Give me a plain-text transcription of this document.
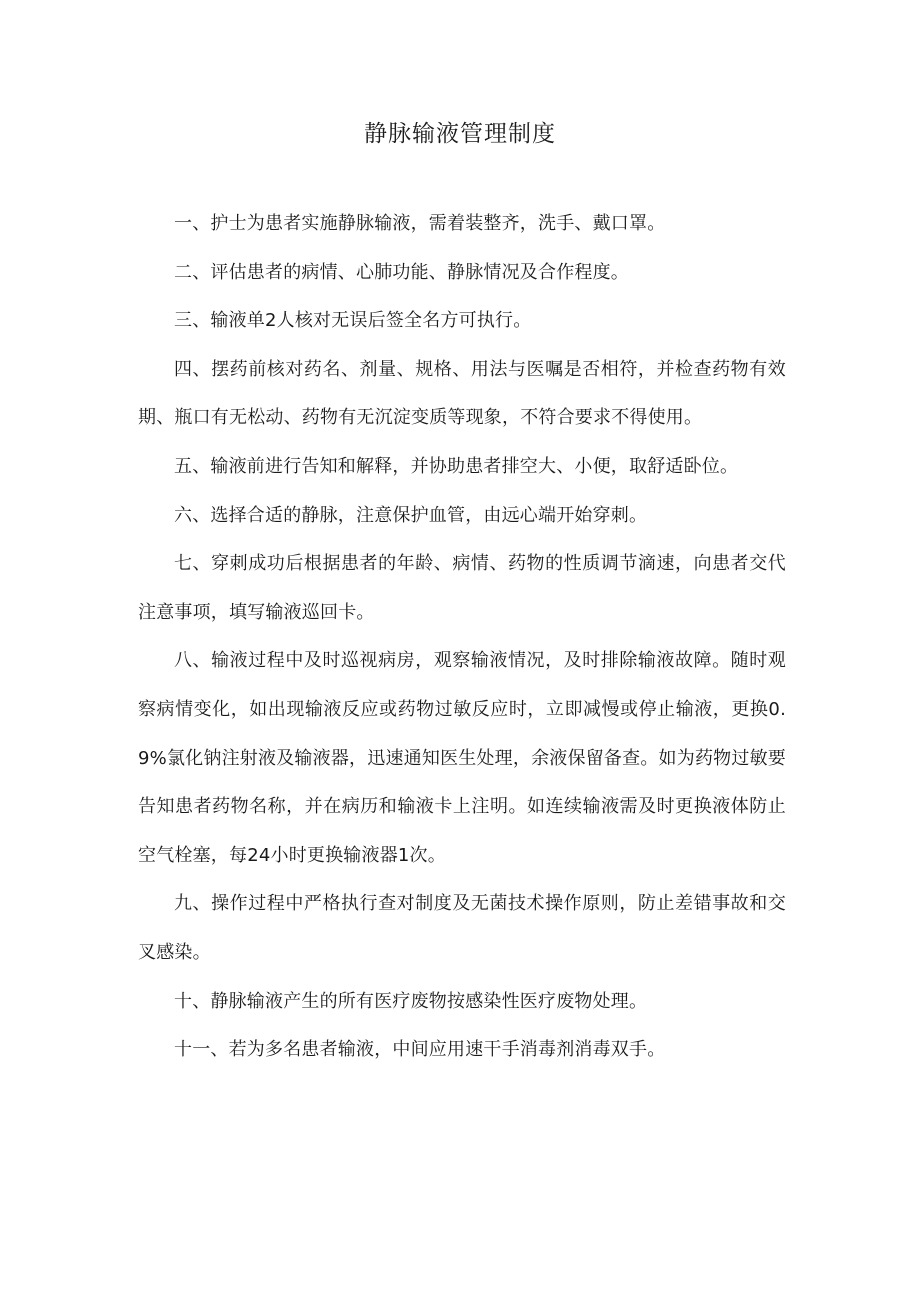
静脉输液管理制度

一、护士为患者实施静脉输液，需着装整齐，洗手、戴口罩。

二、评估患者的病情、心肺功能、静脉情况及合作程度。

三、输液单2人核对无误后签全名方可执行。

四、摆药前核对药名、剂量、规格、用法与医嘱是否相符，并检查药物有效期、瓶口有无松动、药物有无沉淀变质等现象，不符合要求不得使用。

五、输液前进行告知和解释，并协助患者排空大、小便，取舒适卧位。

六、选择合适的静脉，注意保护血管，由远心端开始穿刺。

七、穿刺成功后根据患者的年龄、病情、药物的性质调节滴速，向患者交代注意事项，填写输液巡回卡。

八、输液过程中及时巡视病房，观察输液情况，及时排除输液故障。随时观察病情变化，如出现输液反应或药物过敏反应时，立即减慢或停止输液，更换0.9%氯化钠注射液及输液器，迅速通知医生处理，余液保留备查。如为药物过敏要告知患者药物名称，并在病历和输液卡上注明。如连续输液需及时更换液体防止空气栓塞，每24小时更换输液器1次。

九、操作过程中严格执行查对制度及无菌技术操作原则，防止差错事故和交叉感染。

十、静脉输液产生的所有医疗废物按感染性医疗废物处理。

十一、若为多名患者输液，中间应用速干手消毒剂消毒双手。
